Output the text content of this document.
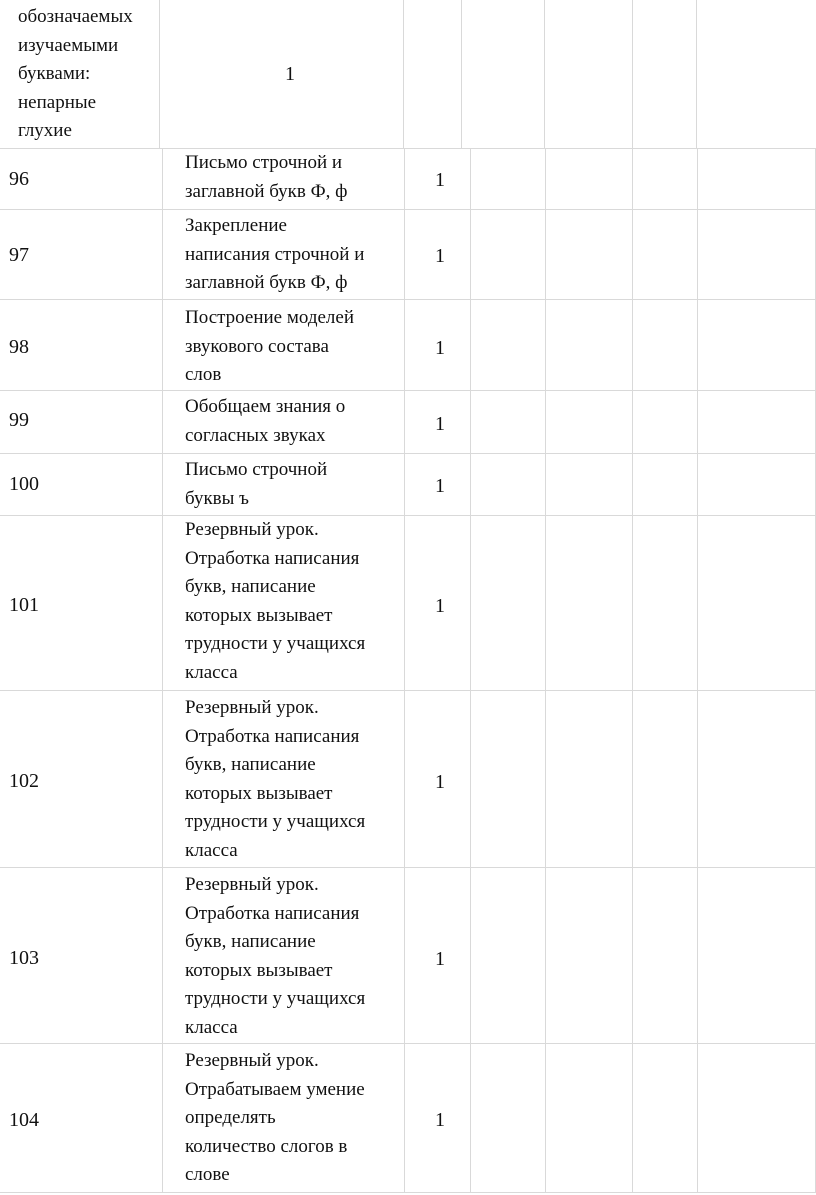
обозначаемых
изучаемыми
буквами:
непарные
глухие
1
96
Письмо строчной и
заглавной букв Ф, ф
1
97
Закрепление
написания строчной и
заглавной букв Ф, ф
1
98
Построение моделей
звукового состава
слов
1
99
Обобщаем знания о
согласных звуках
1
100
Письмо строчной
буквы ъ
1
101
Резервный урок.
Отработка написания
букв, написание
которых вызывает
трудности у учащихся
класса
1
102
Резервный урок.
Отработка написания
букв, написание
которых вызывает
трудности у учащихся
класса
1
103
Резервный урок.
Отработка написания
букв, написание
которых вызывает
трудности у учащихся
класса
1
104
Резервный урок.
Отрабатываем умение
определять
количество слогов в
слове
1
